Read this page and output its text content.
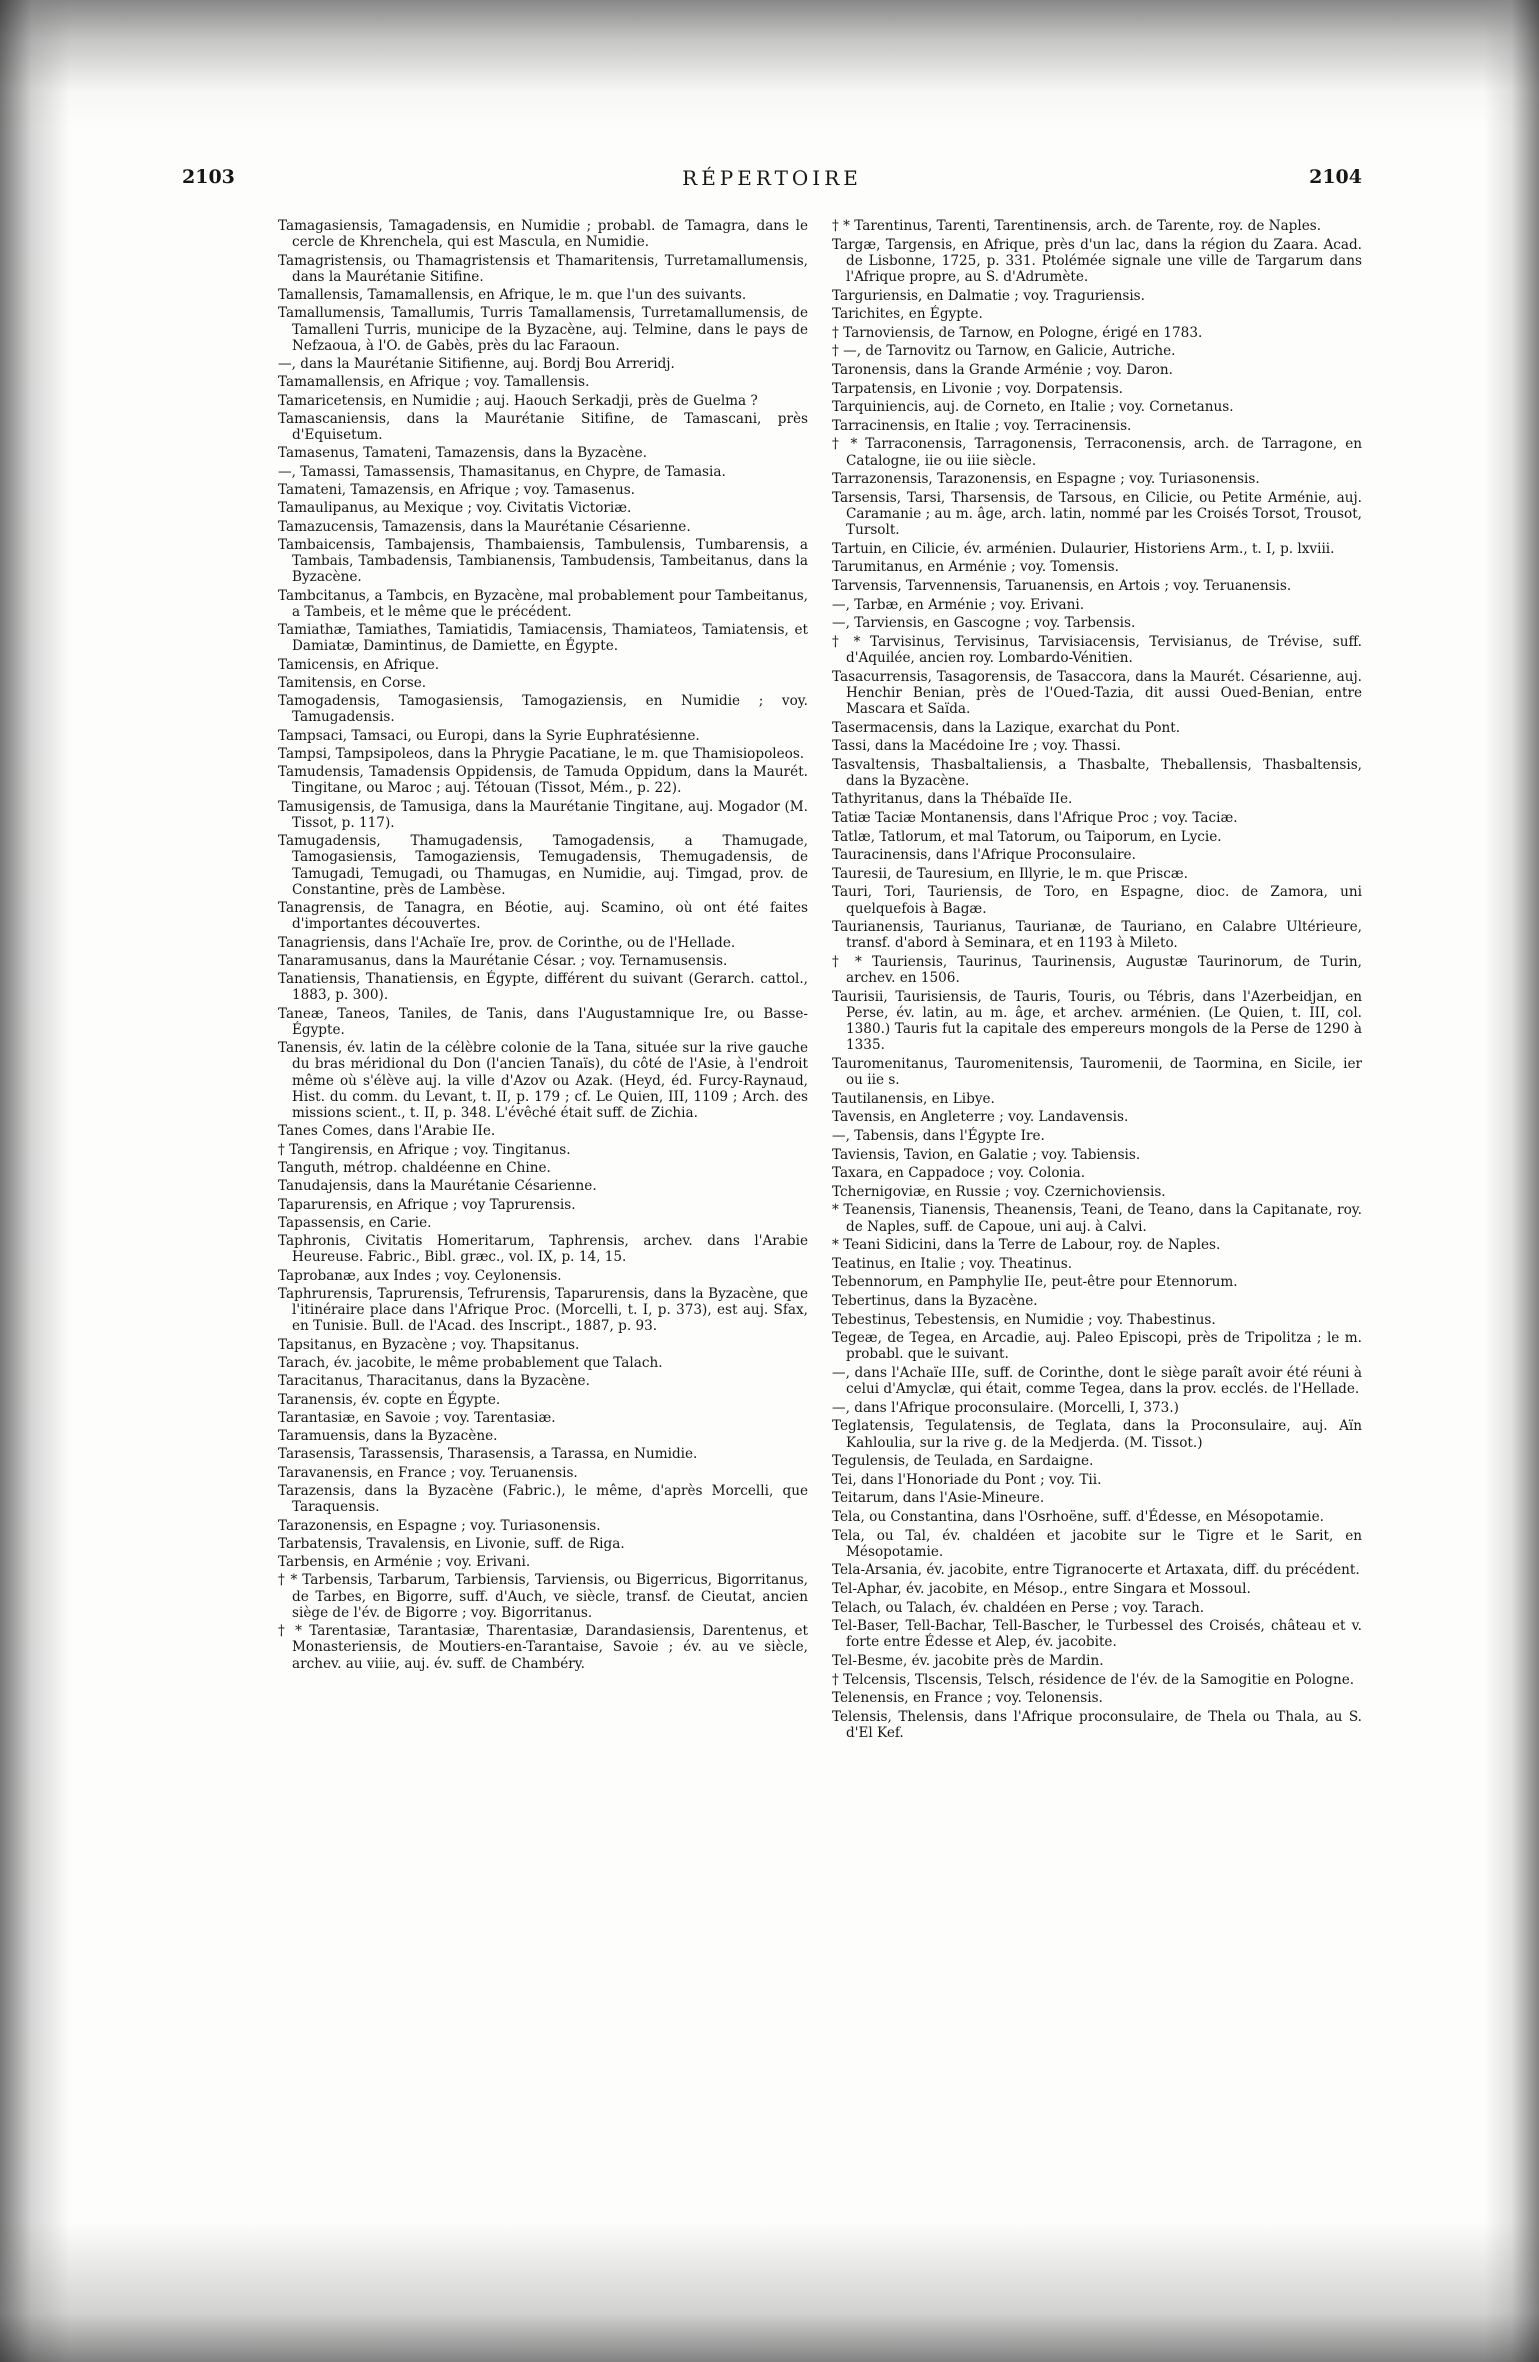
2103	RÉPERTOIRE	2104

Tamagasiensis, Tamagadensis, en Numidie ; probabl. de Tamagra, dans le cercle de Khrenchela, qui est Mascula, en Numidie.

Tamagristensis, ou Thamagristensis et Thamaritensis, Turretamallumensis, dans la Maurétanie Sitifine.

Tamallensis, Tamamallensis, en Afrique, le m. que l'un des suivants.

Tamallumensis, Tamallumis, Turris Tamallamensis, Turretamallumensis, de Tamalleni Turris, municipe de la Byzacène, auj. Telmine, dans le pays de Nefzaoua, à l'O. de Gabès, près du lac Faraoun.

—, dans la Maurétanie Sitifienne, auj. Bordj Bou Arreridj.

Tamamallensis, en Afrique ; voy. Tamallensis.

Tamaricetensis, en Numidie ; auj. Haouch Serkadji, près de Guelma ?

Tamascaniensis, dans la Maurétanie Sitifine, de Tamascani, près d'Equisetum.

Tamasenus, Tamateni, Tamazensis, dans la Byzacène.

—, Tamassi, Tamassensis, Thamasitanus, en Chypre, de Tamasia.

Tamateni, Tamazensis, en Afrique ; voy. Tamasenus.

Tamaulipanus, au Mexique ; voy. Civitatis Victoriæ.

Tamazucensis, Tamazensis, dans la Maurétanie Césarienne.

Tambaicensis, Tambajensis, Thambaiensis, Tambulensis, Tumbarensis, a Tambais, Tambadensis, Tambianensis, Tambudensis, Tambeitanus, dans la Byzacène.

Tambcitanus, a Tambcis, en Byzacène, mal probablement pour Tambeitanus, a Tambeis, et le même que le précédent.

Tamiathæ, Tamiathes, Tamiatidis, Tamiacensis, Thamiateos, Tamiatensis, et Damiatæ, Damintinus, de Damiette, en Égypte.

Tamicensis, en Afrique.

Tamitensis, en Corse.

Tamogadensis, Tamogasiensis, Tamogaziensis, en Numidie ; voy. Tamugadensis.

Tampsaci, Tamsaci, ou Europi, dans la Syrie Euphratésienne.

Tampsi, Tampsipoleos, dans la Phrygie Pacatiane, le m. que Thamisiopoleos.

Tamudensis, Tamadensis Oppidensis, de Tamuda Oppidum, dans la Maurét. Tingitane, ou Maroc ; auj. Tétouan (Tissot, Mém., p. 22).

Tamusigensis, de Tamusiga, dans la Maurétanie Tingitane, auj. Mogador (M. Tissot, p. 117).

Tamugadensis, Thamugadensis, Tamogadensis, a Thamugade, Tamogasiensis, Tamogaziensis, Temugadensis, Themugadensis, de Tamugadi, Temugadi, ou Thamugas, en Numidie, auj. Timgad, prov. de Constantine, près de Lambèse.

Tanagrensis, de Tanagra, en Béotie, auj. Scamino, où ont été faites d'importantes découvertes.

Tanagriensis, dans l'Achaïe Ire, prov. de Corinthe, ou de l'Hellade.

Tanaramusanus, dans la Maurétanie César. ; voy. Ternamusensis.

Tanatiensis, Thanatiensis, en Égypte, différent du suivant (Gerarch. cattol., 1883, p. 300).

Taneæ, Taneos, Taniles, de Tanis, dans l'Augustamnique Ire, ou Basse-Égypte.

Tanensis, év. latin de la célèbre colonie de la Tana, située sur la rive gauche du bras méridional du Don (l'ancien Tanaïs), du côté de l'Asie, à l'endroit même où s'élève auj. la ville d'Azov ou Azak. (Heyd, éd. Furcy-Raynaud, Hist. du comm. du Levant, t. II, p. 179 ; cf. Le Quien, III, 1109 ; Arch. des missions scient., t. II, p. 348. L'évêché était suff. de Zichia.

Tanes Comes, dans l'Arabie IIe.

† Tangirensis, en Afrique ; voy. Tingitanus.

Tanguth, métrop. chaldéenne en Chine.

Tanudajensis, dans la Maurétanie Césarienne.

Taparurensis, en Afrique ; voy Taprurensis.

Tapassensis, en Carie.

Taphronis, Civitatis Homeritarum, Taphrensis, archev. dans l'Arabie Heureuse. Fabric., Bibl. græc., vol. IX, p. 14, 15.

Taprobanæ, aux Indes ; voy. Ceylonensis.

Taphrurensis, Taprurensis, Tefrurensis, Taparurensis, dans la Byzacène, que l'itinéraire place dans l'Afrique Proc. (Morcelli, t. I, p. 373), est auj. Sfax, en Tunisie. Bull. de l'Acad. des Inscript., 1887, p. 93.

Tapsitanus, en Byzacène ; voy. Thapsitanus.

Tarach, év. jacobite, le même probablement que Talach.

Taracitanus, Tharacitanus, dans la Byzacène.

Taranensis, év. copte en Égypte.

Tarantasiæ, en Savoie ; voy. Tarentasiæ.

Taramuensis, dans la Byzacène.

Tarasensis, Tarassensis, Tharasensis, a Tarassa, en Numidie.

Taravanensis, en France ; voy. Teruanensis.

Tarazensis, dans la Byzacène (Fabric.), le même, d'après Morcelli, que Taraquensis.

Tarazonensis, en Espagne ; voy. Turiasonensis.

Tarbatensis, Travalensis, en Livonie, suff. de Riga.

Tarbensis, en Arménie ; voy. Erivani.

† * Tarbensis, Tarbarum, Tarbiensis, Tarviensis, ou Bigerricus, Bigorritanus, de Tarbes, en Bigorre, suff. d'Auch, ve siècle, transf. de Cieutat, ancien siège de l'év. de Bigorre ; voy. Bigorritanus.

† * Tarentasiæ, Tarantasiæ, Tharentasiæ, Darandasiensis, Darentenus, et Monasteriensis, de Moutiers-en-Tarantaise, Savoie ; év. au ve siècle, archev. au viiie, auj. év. suff. de Chambéry.

† * Tarentinus, Tarenti, Tarentinensis, arch. de Tarente, roy. de Naples.

Targæ, Targensis, en Afrique, près d'un lac, dans la région du Zaara. Acad. de Lisbonne, 1725, p. 331. Ptolémée signale une ville de Targarum dans l'Afrique propre, au S. d'Adrumète.

Targuriensis, en Dalmatie ; voy. Traguriensis.

Tarichites, en Égypte.

† Tarnoviensis, de Tarnow, en Pologne, érigé en 1783.

† —, de Tarnovitz ou Tarnow, en Galicie, Autriche.

Taronensis, dans la Grande Arménie ; voy. Daron.

Tarpatensis, en Livonie ; voy. Dorpatensis.

Tarquiniencis, auj. de Corneto, en Italie ; voy. Cornetanus.

Tarracinensis, en Italie ; voy. Terracinensis.

† * Tarraconensis, Tarragonensis, Terraconensis, arch. de Tarragone, en Catalogne, iie ou iiie siècle.

Tarrazonensis, Tarazonensis, en Espagne ; voy. Turiasonensis.

Tarsensis, Tarsi, Tharsensis, de Tarsous, en Cilicie, ou Petite Arménie, auj. Caramanie ; au m. âge, arch. latin, nommé par les Croisés Torsot, Trousot, Tursolt.

Tartuin, en Cilicie, év. arménien. Dulaurier, Historiens Arm., t. I, p. lxviii.

Tarumitanus, en Arménie ; voy. Tomensis.

Tarvensis, Tarvennensis, Taruanensis, en Artois ; voy. Teruanensis.

—, Tarbæ, en Arménie ; voy. Erivani.

—, Tarviensis, en Gascogne ; voy. Tarbensis.

† * Tarvisinus, Tervisinus, Tarvisiacensis, Tervisianus, de Trévise, suff. d'Aquilée, ancien roy. Lombardo-Vénitien.

Tasacurrensis, Tasagorensis, de Tasaccora, dans la Maurét. Césarienne, auj. Henchir Benian, près de l'Oued-Tazia, dit aussi Oued-Benian, entre Mascara et Saïda.

Tasermacensis, dans la Lazique, exarchat du Pont.

Tassi, dans la Macédoine Ire ; voy. Thassi.

Tasvaltensis, Thasbaltaliensis, a Thasbalte, Theballensis, Thasbaltensis, dans la Byzacène.

Tathyritanus, dans la Thébaïde IIe.

Tatiæ Taciæ Montanensis, dans l'Afrique Proc ; voy. Taciæ.

Tatlæ, Tatlorum, et mal Tatorum, ou Taiporum, en Lycie.

Tauracinensis, dans l'Afrique Proconsulaire.

Tauresii, de Tauresium, en Illyrie, le m. que Priscæ.

Tauri, Tori, Tauriensis, de Toro, en Espagne, dioc. de Zamora, uni quelquefois à Bagæ.

Taurianensis, Taurianus, Taurianæ, de Tauriano, en Calabre Ultérieure, transf. d'abord à Seminara, et en 1193 à Mileto.

† * Tauriensis, Taurinus, Taurinensis, Augustæ Taurinorum, de Turin, archev. en 1506.

Taurisii, Taurisiensis, de Tauris, Touris, ou Tébris, dans l'Azerbeidjan, en Perse, év. latin, au m. âge, et archev. arménien. (Le Quien, t. III, col. 1380.) Tauris fut la capitale des empereurs mongols de la Perse de 1290 à 1335.

Tauromenitanus, Tauromenitensis, Tauromenii, de Taormina, en Sicile, ier ou iie s.

Tautilanensis, en Libye.

Tavensis, en Angleterre ; voy. Landavensis.

—, Tabensis, dans l'Égypte Ire.

Taviensis, Tavion, en Galatie ; voy. Tabiensis.

Taxara, en Cappadoce ; voy. Colonia.

Tchernigoviæ, en Russie ; voy. Czernichoviensis.

* Teanensis, Tianensis, Theanensis, Teani, de Teano, dans la Capitanate, roy. de Naples, suff. de Capoue, uni auj. à Calvi.

* Teani Sidicini, dans la Terre de Labour, roy. de Naples.

Teatinus, en Italie ; voy. Theatinus.

Tebennorum, en Pamphylie IIe, peut-être pour Etennorum.

Tebertinus, dans la Byzacène.

Tebestinus, Tebestensis, en Numidie ; voy. Thabestinus.

Tegeæ, de Tegea, en Arcadie, auj. Paleo Episcopi, près de Tripolitza ; le m. probabl. que le suivant.

—, dans l'Achaïe IIIe, suff. de Corinthe, dont le siège paraît avoir été réuni à celui d'Amyclæ, qui était, comme Tegea, dans la prov. ecclés. de l'Hellade.

—, dans l'Afrique proconsulaire. (Morcelli, I, 373.)

Teglatensis, Tegulatensis, de Teglata, dans la Proconsulaire, auj. Aïn Kahloulia, sur la rive g. de la Medjerda. (M. Tissot.)

Tegulensis, de Teulada, en Sardaigne.

Tei, dans l'Honoriade du Pont ; voy. Tii.

Teitarum, dans l'Asie-Mineure.

Tela, ou Constantina, dans l'Osrhoëne, suff. d'Édesse, en Mésopotamie.

Tela, ou Tal, év. chaldéen et jacobite sur le Tigre et le Sarit, en Mésopotamie.

Tela-Arsania, év. jacobite, entre Tigranocerte et Artaxata, diff. du précédent.

Tel-Aphar, év. jacobite, en Mésop., entre Singara et Mossoul.

Telach, ou Talach, év. chaldéen en Perse ; voy. Tarach.

Tel-Baser, Tell-Bachar, Tell-Bascher, le Turbessel des Croisés, château et v. forte entre Édesse et Alep, év. jacobite.

Tel-Besme, év. jacobite près de Mardin.

† Telcensis, Tlscensis, Telsch, résidence de l'év. de la Samogitie en Pologne.

Telenensis, en France ; voy. Telonensis.

Telensis, Thelensis, dans l'Afrique proconsulaire, de Thela ou Thala, au S. d'El Kef.
